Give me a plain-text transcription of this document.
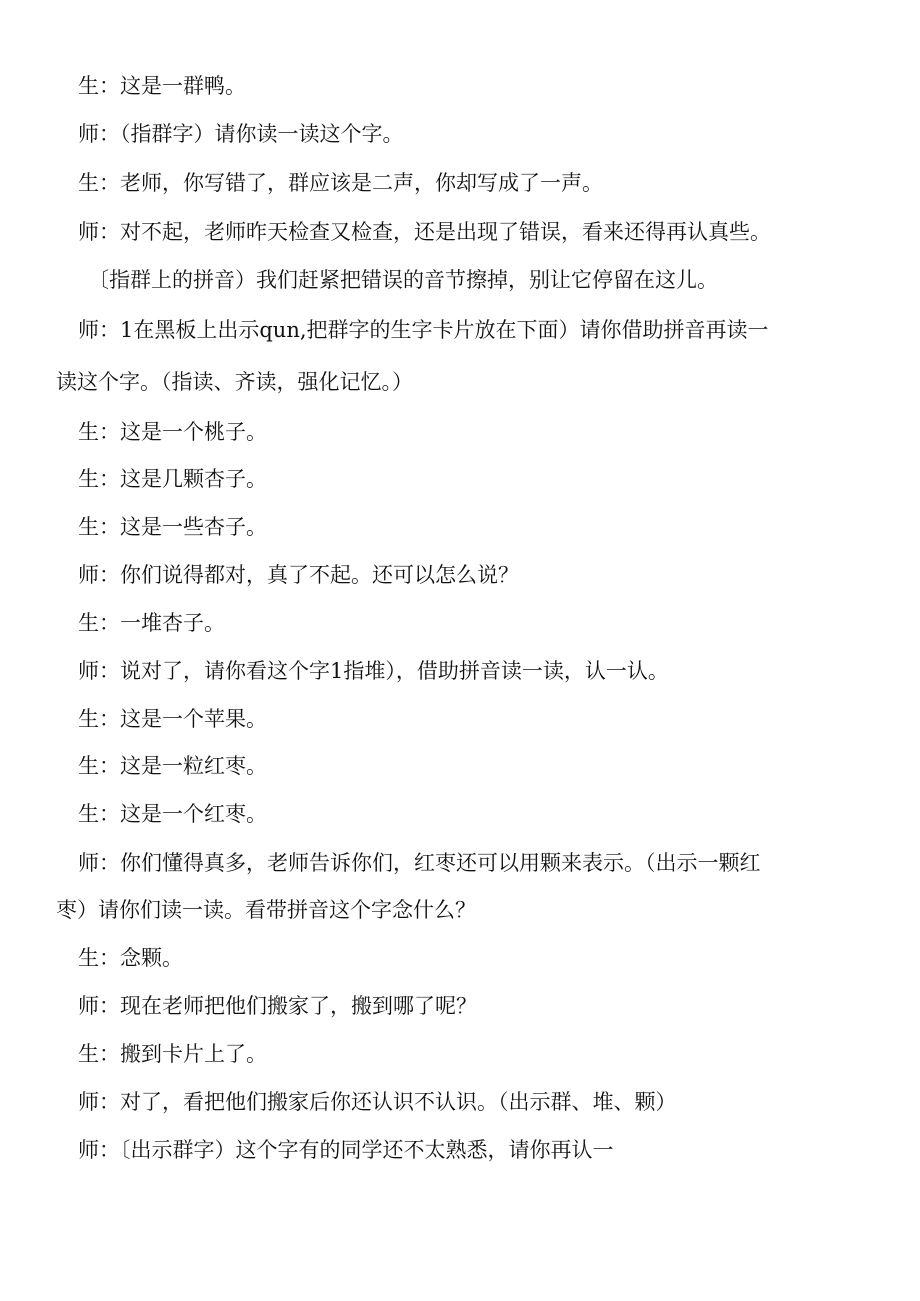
生：这是一群鸭。
师：（指群字）请你读一读这个字。
生：老师，你写错了，群应该是二声，你却写成了一声。
师：对不起，老师昨天检查又检查，还是出现了错误，看来还得再认真些。
〔指群上的拼音）我们赶紧把错误的音节擦掉，别让它停留在这儿。
师：1在黑板上出示qun,把群字的生字卡片放在下面）请你借助拼音再读一
读这个字。（指读、齐读，强化记忆。）
生：这是一个桃子。
生：这是几颗杏子。
生：这是一些杏子。
师：你们说得都对，真了不起。还可以怎么说？
生：一堆杏子。
师：说对了，请你看这个字1指堆），借助拼音读一读，认一认。
生：这是一个苹果。
生：这是一粒红枣。
生：这是一个红枣。
师：你们懂得真多，老师告诉你们，红枣还可以用颗来表示。（出示一颗红
枣）请你们读一读。看带拼音这个字念什么？
生：念颗。
师：现在老师把他们搬家了，搬到哪了呢？
生：搬到卡片上了。
师：对了，看把他们搬家后你还认识不认识。（出示群、堆、颗）
师：〔出示群字）这个字有的同学还不太熟悉，请你再认一
